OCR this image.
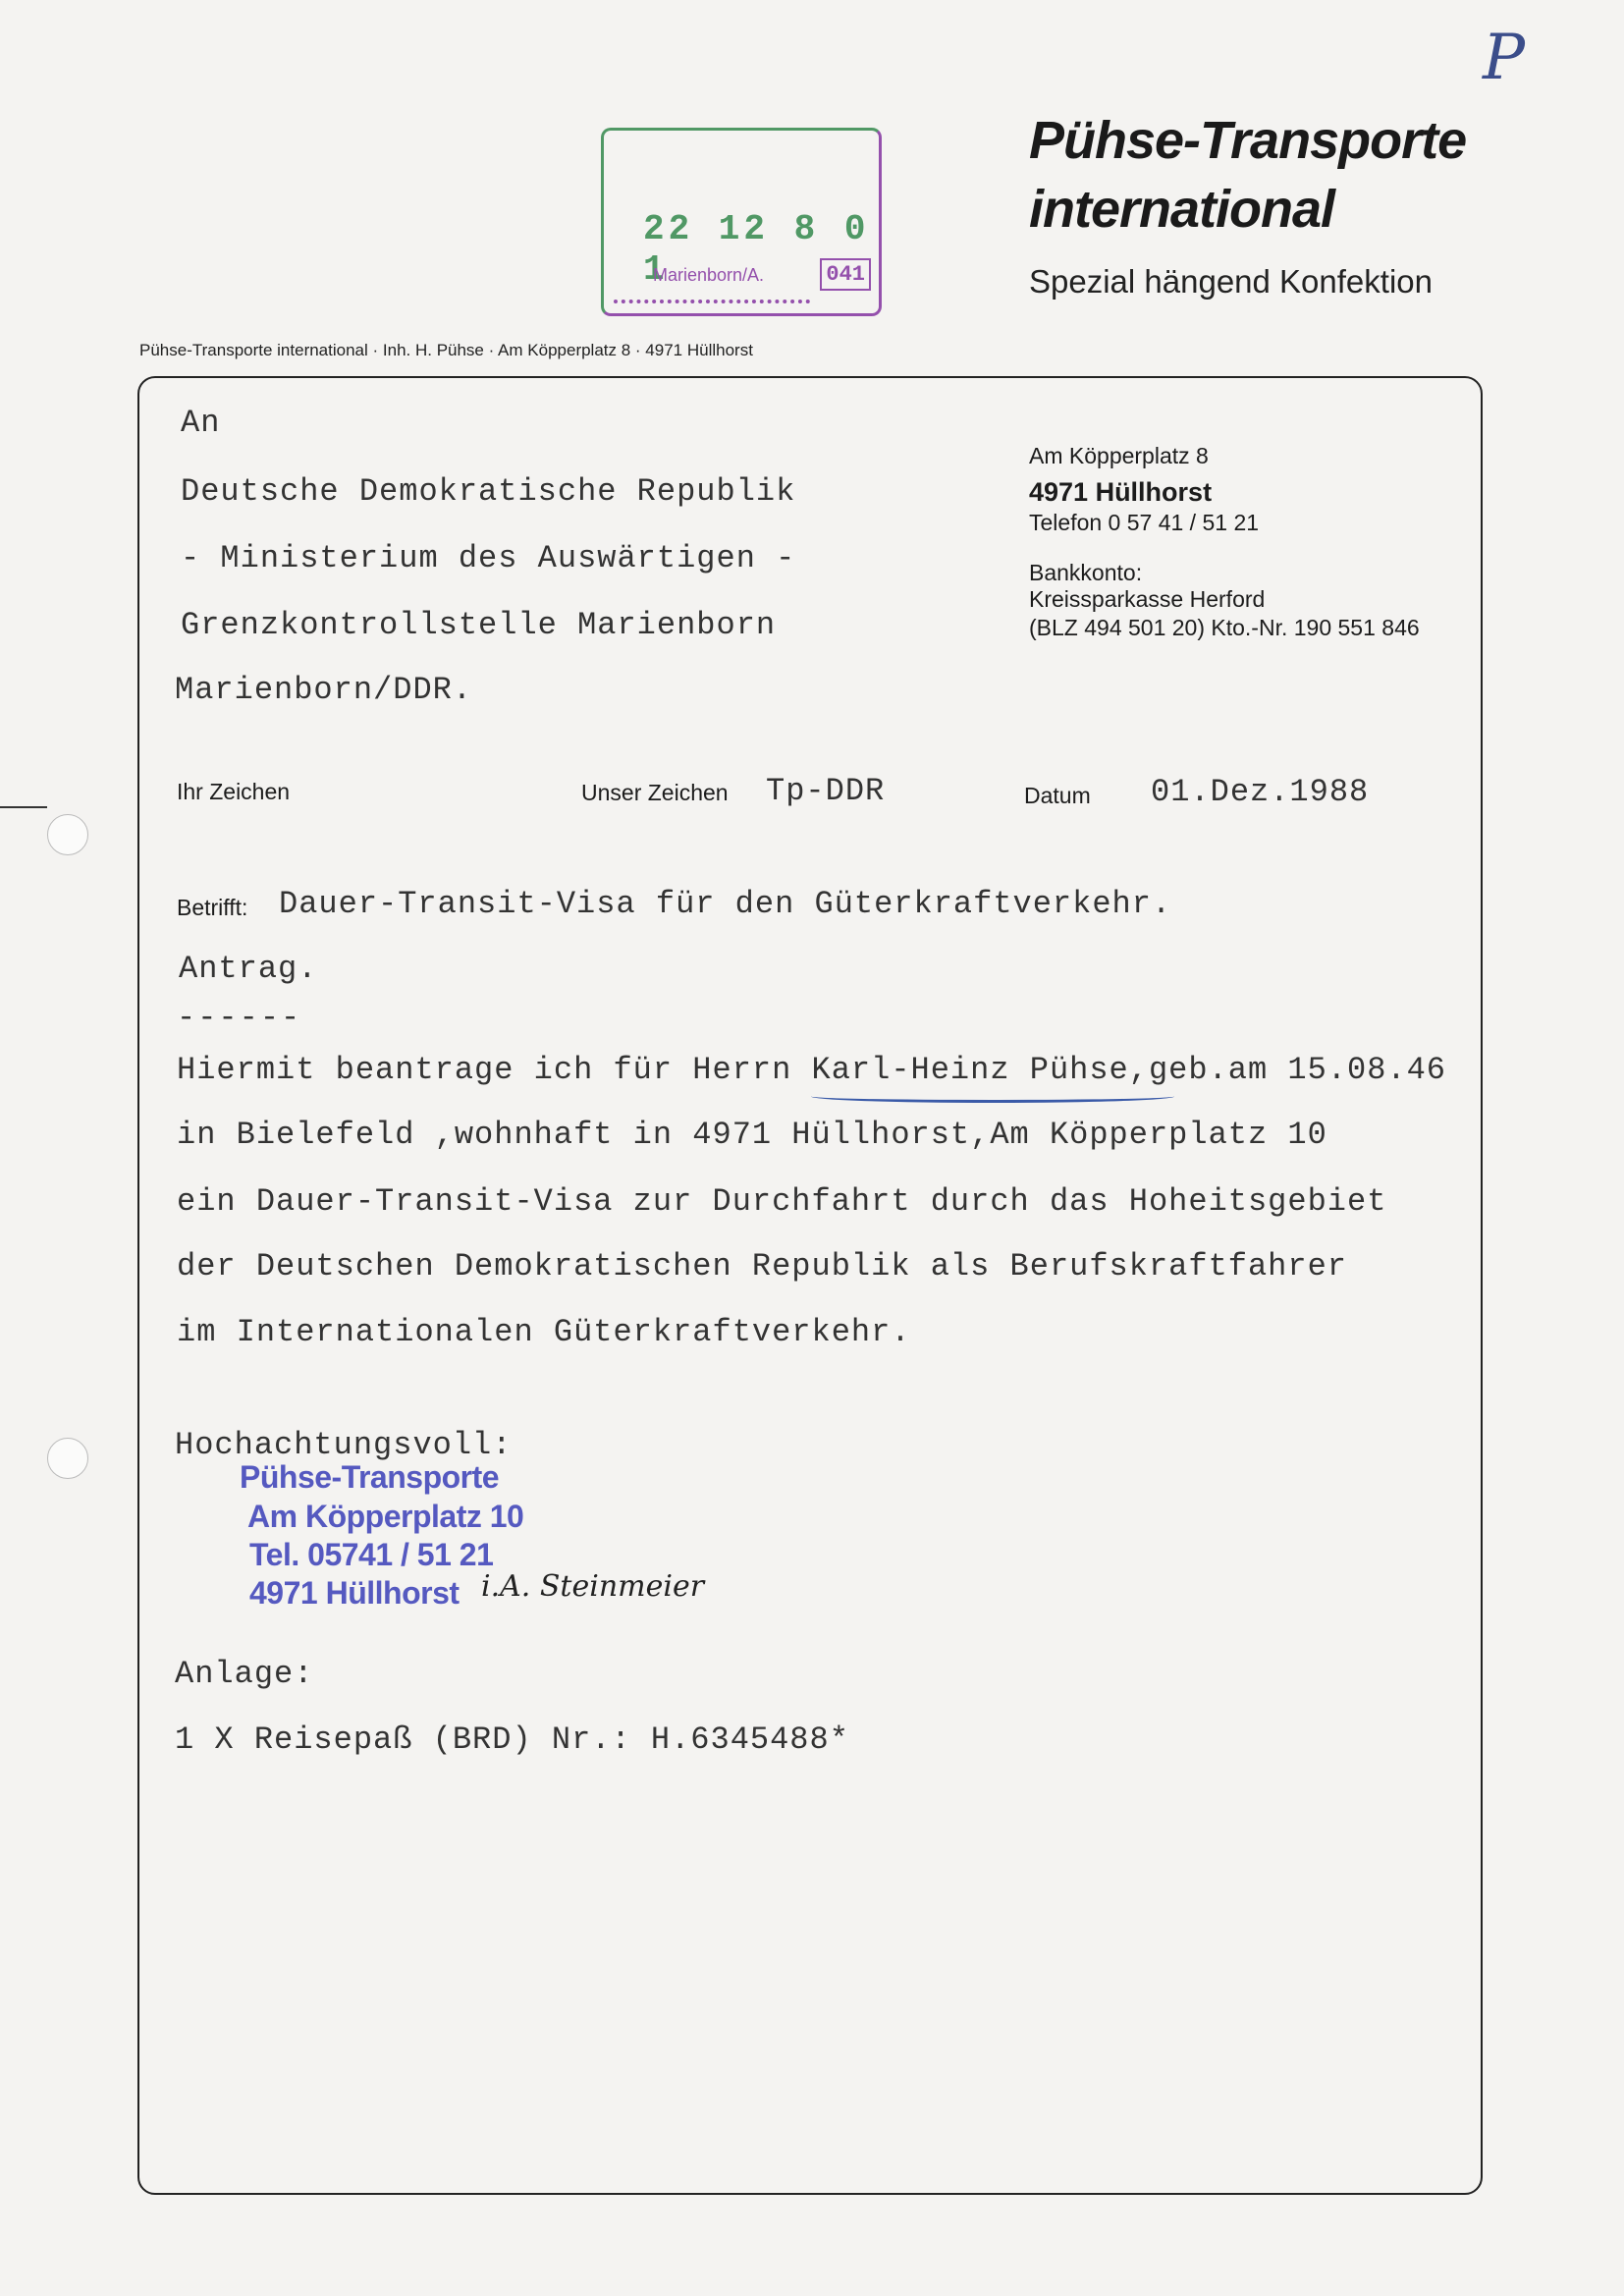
P
Pühse-Transporte
international
Spezial hängend Konfektion
Pühse-Transporte international · Inh. H. Pühse · Am Köpperplatz 8 · 4971 Hüllhorst
22 12 8 0 1
Marienborn/A.	041
An
Deutsche Demokratische Republik
- Ministerium des Auswärtigen -
Grenzkontrollstelle Marienborn
Marienborn/DDR.
Am Köpperplatz 8
4971 Hüllhorst
Telefon 0 57 41 / 51 21
Bankkonto:
Kreissparkasse Herford
(BLZ 494 501 20) Kto.-Nr. 190 551 846
Ihr Zeichen	Unser Zeichen Tp-DDR	Datum 01.Dez.1988
Betrifft: Dauer-Transit-Visa für den Güterkraftverkehr.
Antrag.
------
Hiermit beantrage ich für Herrn Karl-Heinz Pühse,geb.am 15.08.46
in Bielefeld ,wohnhaft in 4971 Hüllhorst,Am Köpperplatz 10
ein Dauer-Transit-Visa zur Durchfahrt durch das Hoheitsgebiet
der Deutschen Demokratischen Republik als Berufskraftfahrer
im Internationalen Güterkraftverkehr.
Hochachtungsvoll:
Pühse-Transporte
Am Köpperplatz 10
Tel. 05741 / 51 21
4971 Hüllhorst i.A. Steinmeier
Anlage:
1 X Reisepaß (BRD) Nr.: H.6345488*
